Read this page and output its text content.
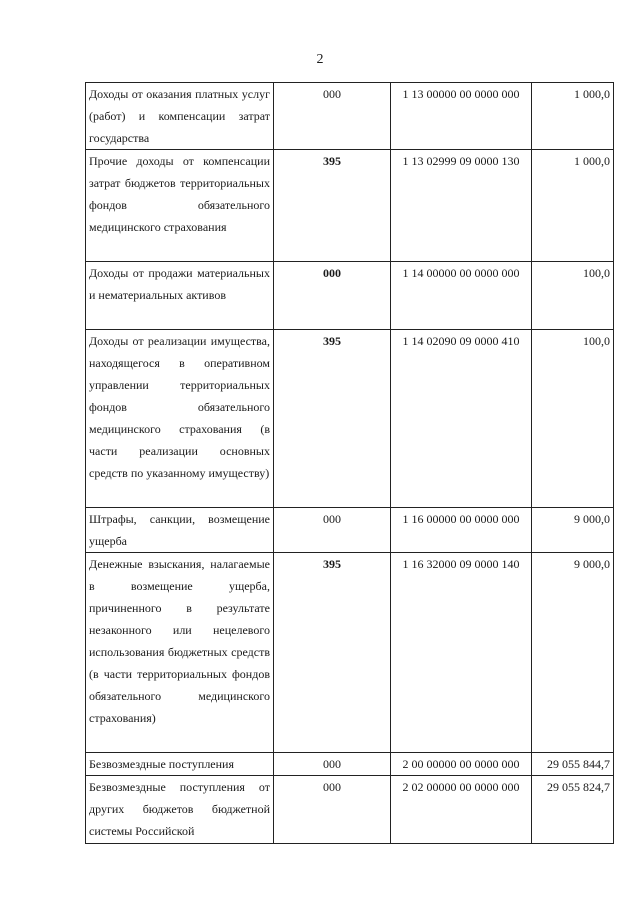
2
Доходы от оказания платных услуг (работ) и компенсации затрат государства	000	1 13 00000 00 0000 000	1 000,0

Прочие доходы от компенсации затрат бюджетов территориальных фондов обязательного медицинского страхования	395	1 13 02999 09 0000 130	1 000,0

Доходы от продажи материальных и нематериальных активов	000	1 14 00000 00 0000 000	100,0

Доходы от реализации имущества, находящегося в оперативном управлении территориальных фондов обязательного медицинского страхования (в части реализации основных средств по указанному имуществу)	395	1 14 02090 09 0000 410	100,0

Штрафы, санкции, возмещение ущерба	000	1 16 00000 00 0000 000	9 000,0

Денежные взыскания, налагаемые в возмещение ущерба, причиненного в результате незаконного или нецелевого использования бюджетных средств (в части территориальных фондов обязательного медицинского страхования)	395	1 16 32000 09 0000 140	9 000,0

Безвозмездные поступления	000	2 00 00000 00 0000 000	29 055 844,7

Безвозмездные поступления от других бюджетов бюджетной системы Российской	000	2 02 00000 00 0000 000	29 055 824,7
